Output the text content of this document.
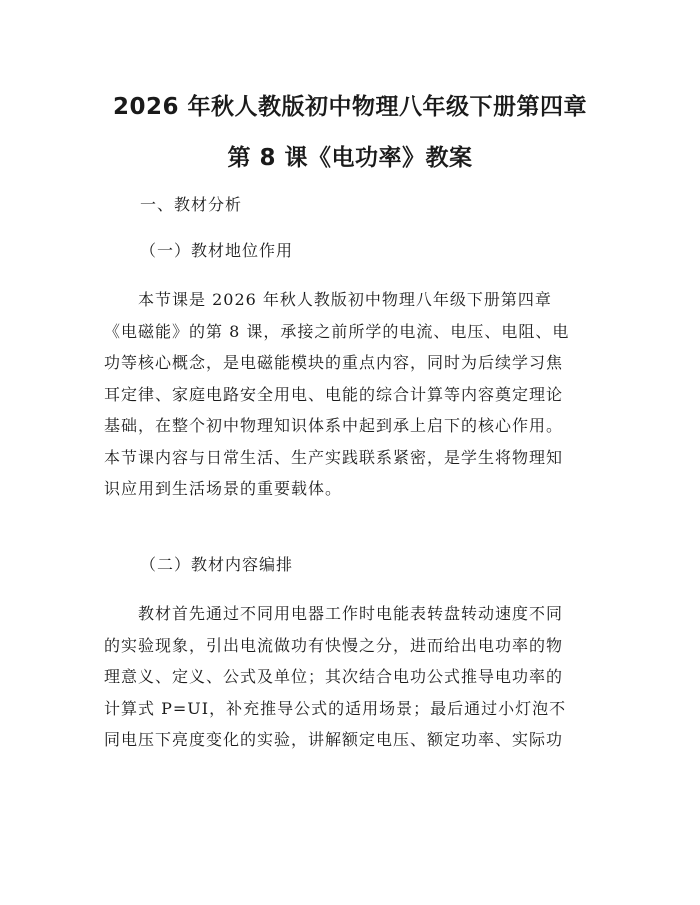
2026 年秋人教版初中物理八年级下册第四章
第 8 课《电功率》教案
一、教材分析
（一）教材地位作用
本节课是 2026 年秋人教版初中物理八年级下册第四章
《电磁能》的第 8 课，承接之前所学的电流、电压、电阻、电
功等核心概念，是电磁能模块的重点内容，同时为后续学习焦
耳定律、家庭电路安全用电、电能的综合计算等内容奠定理论
基础，在整个初中物理知识体系中起到承上启下的核心作用。
本节课内容与日常生活、生产实践联系紧密，是学生将物理知
识应用到生活场景的重要载体。
（二）教材内容编排
教材首先通过不同用电器工作时电能表转盘转动速度不同
的实验现象，引出电流做功有快慢之分，进而给出电功率的物
理意义、定义、公式及单位；其次结合电功公式推导电功率的
计算式 P=UI，补充推导公式的适用场景；最后通过小灯泡不
同电压下亮度变化的实验，讲解额定电压、额定功率、实际功
